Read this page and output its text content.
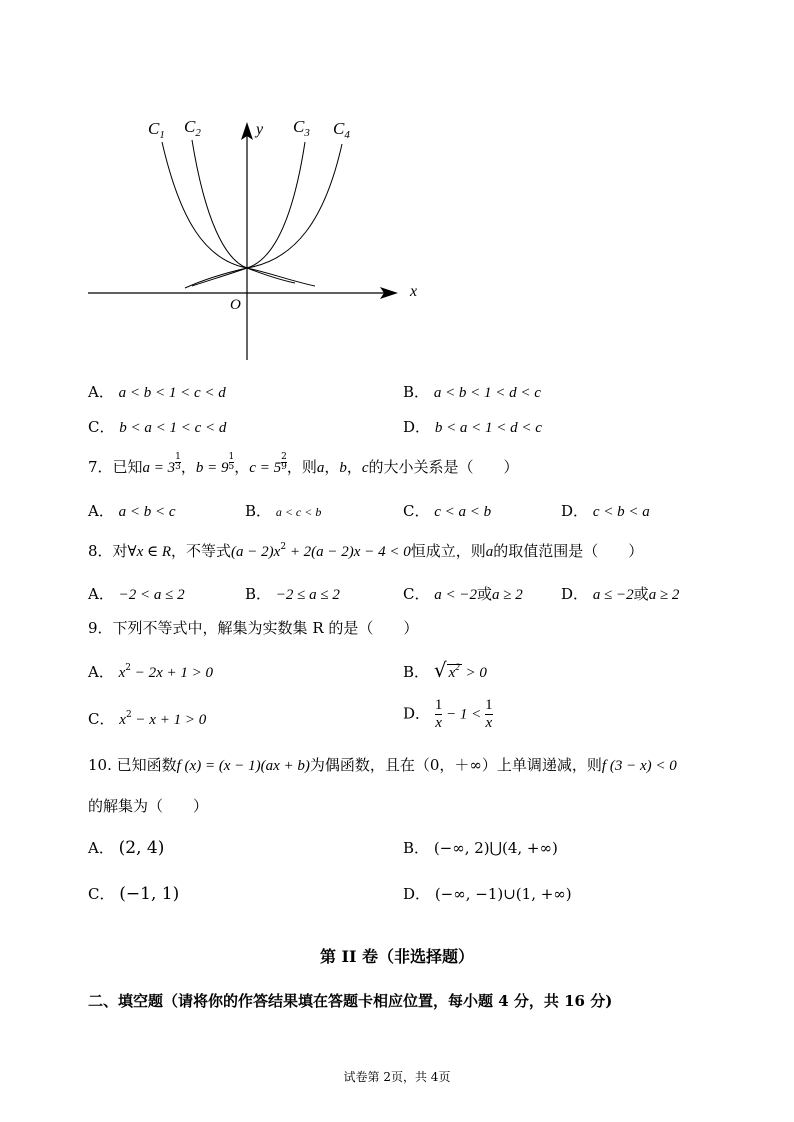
$C_1$ $C_2$	$C_3$ $C_4$
y
x
O
A． a < b < 1 < c < d	B． a < b < 1 < d < c
C． b < a < 1 < c < d	D． b < a < 1 < d < c
7．已知$a = 3 \frac{1}{3}$ ，$b = 9 \frac{1}{5}$ ，$c = 5 \frac{2}{9}$ ，则a，b，c的大小关系是（　　）
A． a < b < c	B． a < c < b	C． c < a < b	D． c < b < a
8．对∀x ∈ R，不等式$(a - 2)x^2 + 2(a - 2)x - 4 < 0$恒成立，则a的取值范围是（　　）
A． −2 < a ≤ 2	B． −2 ≤ a ≤ 2	C． a < −2或a ≥ 2	D． a ≤ −2或a ≥ 2
9．下列不等式中，解集为实数集 R 的是（　　）
A． $x^2 - 2x + 1 > 0$	B． √ $x^2 > 0$
C． $x^2 - x + 1 > 0$	D． $\frac{1}{x} - 1 < \frac{1}{x}$
10. 已知函数f (x) = (x − 1)(ax + b)为偶函数，且在（0，＋∞）上单调递减，则f (3 − x) < 0
的解集为（　　）
A． (2, 4)	B． (−∞, 2)⋃(4, +∞)
C． (−1, 1)	D． (−∞, −1)∪(1, +∞)
第 II 卷（非选择题）
二、填空题（请将你的作答结果填在答题卡相应位置，每小题 4 分，共 16 分)
试卷第 2页，共 4页
